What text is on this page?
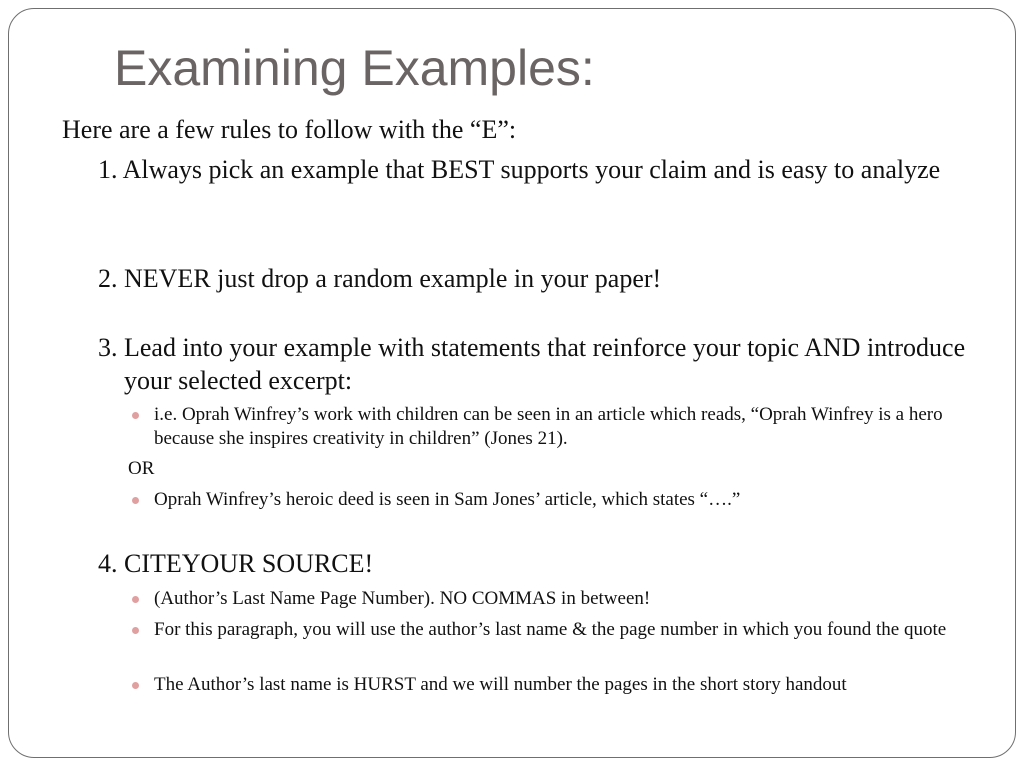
Examining Examples:

Here are a few rules to follow with the “E”:

1. Always pick an example that BEST supports your claim and is easy to analyze

2. NEVER just drop a random example in your paper!

3. Lead into your example with statements that reinforce your topic AND introduce your selected excerpt:

i.e. Oprah Winfrey’s work with children can be seen in an article which reads, “Oprah Winfrey is a hero because she inspires creativity in children” (Jones 21).

OR

Oprah Winfrey’s heroic deed is seen in Sam Jones’ article, which states “….”

4. CITEYOUR SOURCE!

(Author’s Last Name Page Number). NO COMMAS in between!
For this paragraph, you will use the author’s last name & the page number in which you found the quote
The Author’s last name is HURST and we will number the pages in the short story handout
